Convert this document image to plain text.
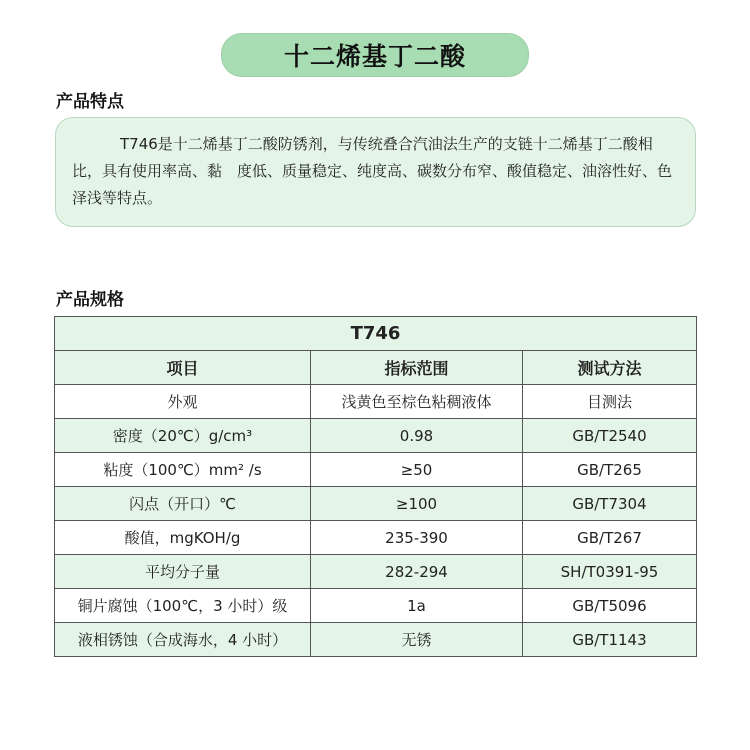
十二烯基丁二酸
产品特点
T746是十二烯基丁二酸防锈剂，与传统叠合汽油法生产的支链十二烯基丁二酸相比，具有使用率高、黏　度低、质量稳定、纯度高、碳数分布窄、酸值稳定、油溶性好、色泽浅等特点。
产品规格
T746		
项目	指标范围	测试方法
外观	浅黄色至棕色粘稠液体	目测法
密度（20℃）g/cm³	0.98	GB/T2540
粘度（100℃）mm² /s	≥50	GB/T265
闪点（开口）℃	≥100	GB/T7304
酸值，mgKOH/g	235-390	GB/T267
平均分子量	282-294	SH/T0391-95
铜片腐蚀（100℃，3 小时）级	1a	GB/T5096
液相锈蚀（合成海水，4 小时）	无锈	GB/T1143
